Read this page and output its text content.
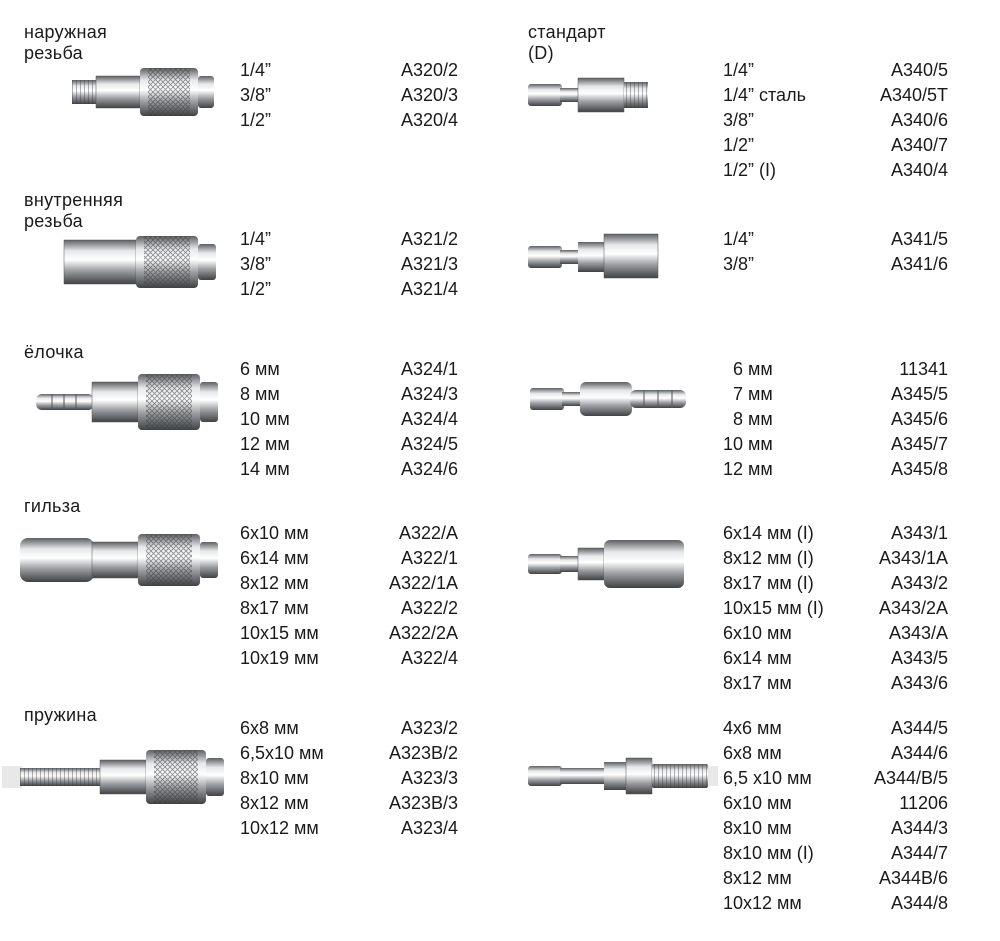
наружная резьба
1/4”	A320/2
3/8”	A320/3
1/2”	A320/4
внутренняя резьба
1/4”	A321/2
3/8”	A321/3
1/2”	A321/4
ёлочка
6 мм	A324/1
8 мм	A324/3
10 мм	A324/4
12 мм	A324/5
14 мм	A324/6
гильза
6x10 мм	A322/A
6x14 мм	A322/1
8x12 мм	A322/1A
8x17 мм	A322/2
10x15 мм	A322/2A
10x19 мм	A322/4
пружина
6x8 мм	A323/2
6,5x10 мм	A323B/2
8x10 мм	A323/3
8x12 мм	A323B/3
10x12 мм	A323/4
стандарт (D)
1/4”	A340/5
1/4” сталь	A340/5T
3/8”	A340/6
1/2”	A340/7
1/2” (I)	A340/4
1/4”	A341/5
3/8”	A341/6
6 мм	11341
7 мм	A345/5
8 мм	A345/6
10 мм	A345/7
12 мм	A345/8
6x14 мм (I)	A343/1
8x12 мм (I)	A343/1A
8x17 мм (I)	A343/2
10x15 мм (I)	A343/2A
6x10 мм	A343/A
6x14 мм	A343/5
8x17 мм	A343/6
4x6 мм	A344/5
6x8 мм	A344/6
6,5 x10 мм	A344/B/5
6x10 мм	11206
8x10 мм	A344/3
8x10 мм (I)	A344/7
8x12 мм	A344B/6
10x12 мм	A344/8
